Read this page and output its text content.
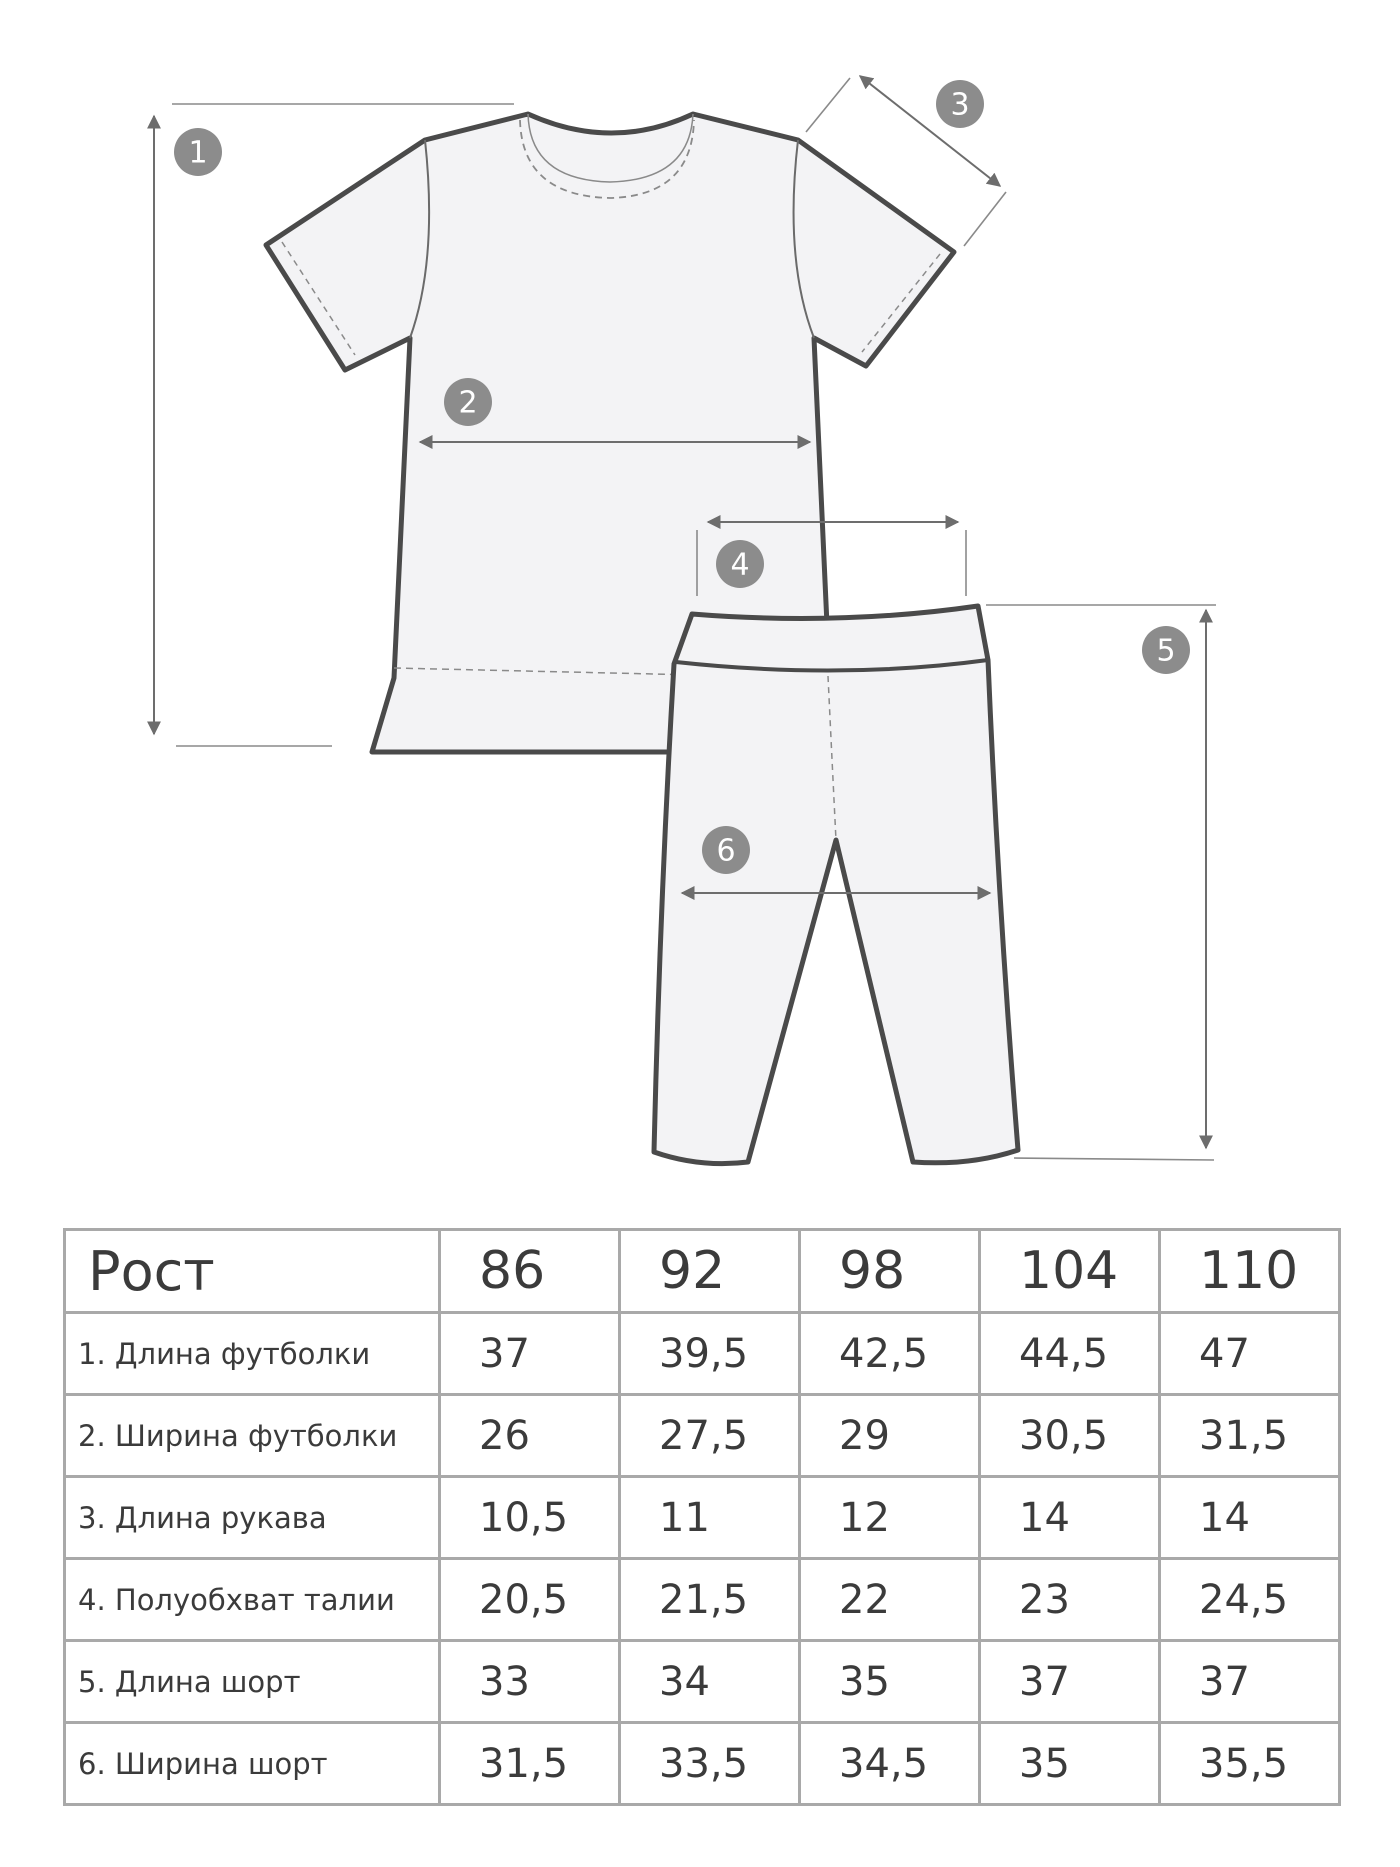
1
2
3
4
5
6
Рост	86	92	98	104	110
1. Длина футболки	37	39,5	42,5	44,5	47
2. Ширина футболки	26	27,5	29	30,5	31,5
3. Длина рукава	10,5	11	12	14	14
4. Полуобхват талии	20,5	21,5	22	23	24,5
5. Длина шорт	33	34	35	37	37
6. Ширина шорт	31,5	33,5	34,5	35	35,5
